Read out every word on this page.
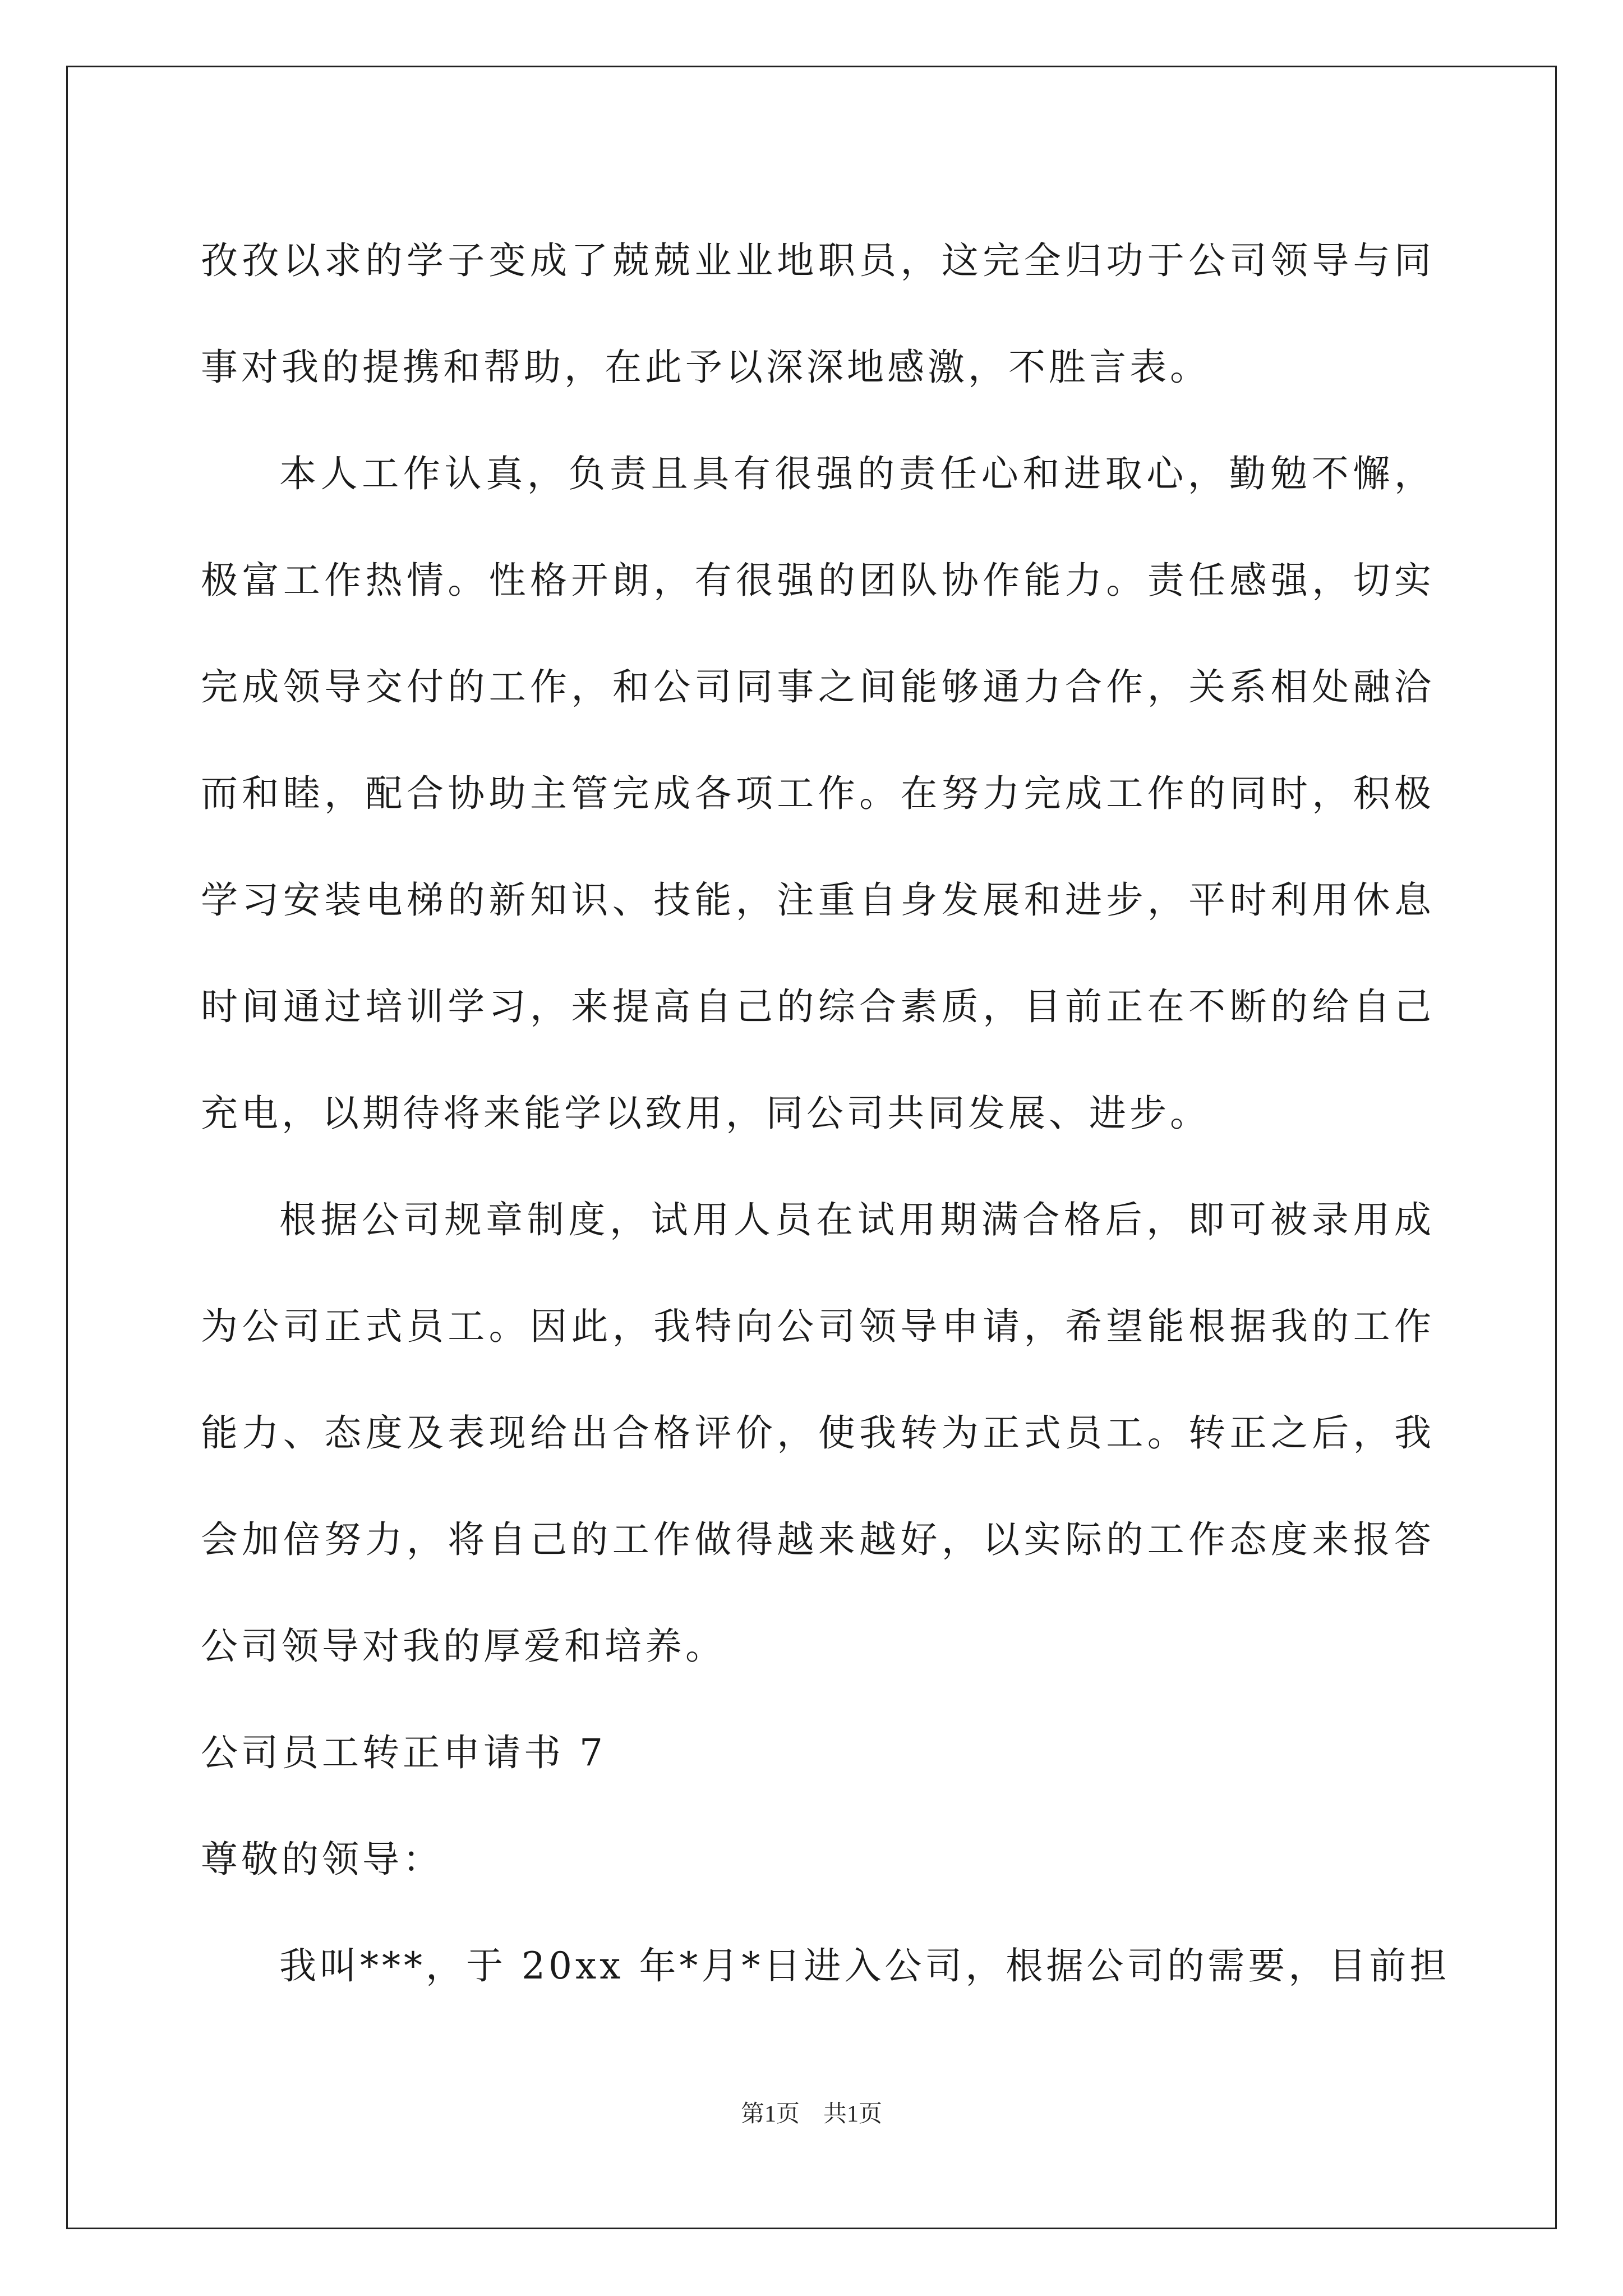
孜孜以求的学子变成了兢兢业业地职员，这完全归功于公司领导与同
事对我的提携和帮助，在此予以深深地感激，不胜言表。
本人工作认真，负责且具有很强的责任心和进取心，勤勉不懈，
极富工作热情。性格开朗，有很强的团队协作能力。责任感强，切实
完成领导交付的工作，和公司同事之间能够通力合作，关系相处融洽
而和睦，配合协助主管完成各项工作。在努力完成工作的同时，积极
学习安装电梯的新知识、技能，注重自身发展和进步，平时利用休息
时间通过培训学习，来提高自己的综合素质，目前正在不断的给自己
充电，以期待将来能学以致用，同公司共同发展、进步。
根据公司规章制度，试用人员在试用期满合格后，即可被录用成
为公司正式员工。因此，我特向公司领导申请，希望能根据我的工作
能力、态度及表现给出合格评价，使我转为正式员工。转正之后，我
会加倍努力，将自己的工作做得越来越好，以实际的工作态度来报答
公司领导对我的厚爱和培养。
公司员工转正申请书 7
尊敬的领导：
我叫***，于 20xx 年*月*日进入公司，根据公司的需要，目前担
第1页　共1页
